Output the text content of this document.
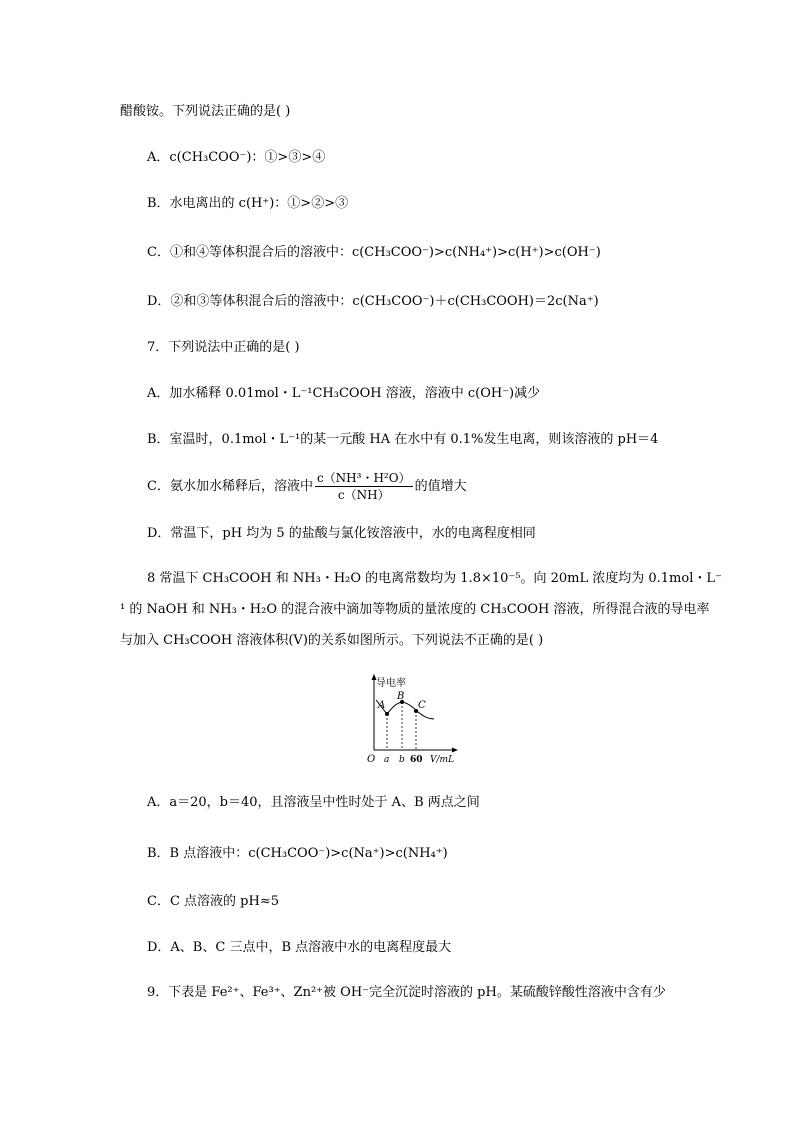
醋酸铵。下列说法正确的是( )
A．c(CH₃COO⁻)：①>③>④
B．水电离出的 c(H⁺)：①>②>③
C．①和④等体积混合后的溶液中：c(CH₃COO⁻)>c(NH₄⁺)>c(H⁺)>c(OH⁻)
D．②和③等体积混合后的溶液中：c(CH₃COO⁻)＋c(CH₃COOH)＝2c(Na⁺)
7．下列说法中正确的是( )
A．加水稀释 0.01mol・L⁻¹CH₃COOH 溶液，溶液中 c(OH⁻)减少
B．室温时，0.1mol・L⁻¹的某一元酸 HA 在水中有 0.1%发生电离，则该溶液的 pH＝4
C．氨水加水稀释后，溶液中 $\frac{\text{c（NH³・H²O）}}{c(NH)}$ 的值增大
D．常温下，pH 均为 5 的盐酸与氯化铵溶液中，水的电离程度相同
8 常温下 CH₃COOH 和 NH₃・H₂O 的电离常数均为 1.8×10⁻⁵。向 20mL 浓度均为 0.1mol・L⁻
¹ 的 NaOH 和 NH₃・H₂O 的混合液中滴加等物质的量浓度的 CH₃COOH 溶液，所得混合液的导电率
与加入 CH₃COOH 溶液体积(V)的关系如图所示。下列说法不正确的是( )
导电率
A
B
C
O a b 60 V/mL
A．a＝20，b＝40，且溶液呈中性时处于 A、B 两点之间
B．B 点溶液中：c(CH₃COO⁻)>c(Na⁺)>c(NH₄⁺)
C．C 点溶液的 pH≈5
D．A、B、C 三点中，B 点溶液中水的电离程度最大
9．下表是 Fe²⁺、Fe³⁺、Zn²⁺被 OH⁻完全沉淀时溶液的 pH。某硫酸锌酸性溶液中含有少
